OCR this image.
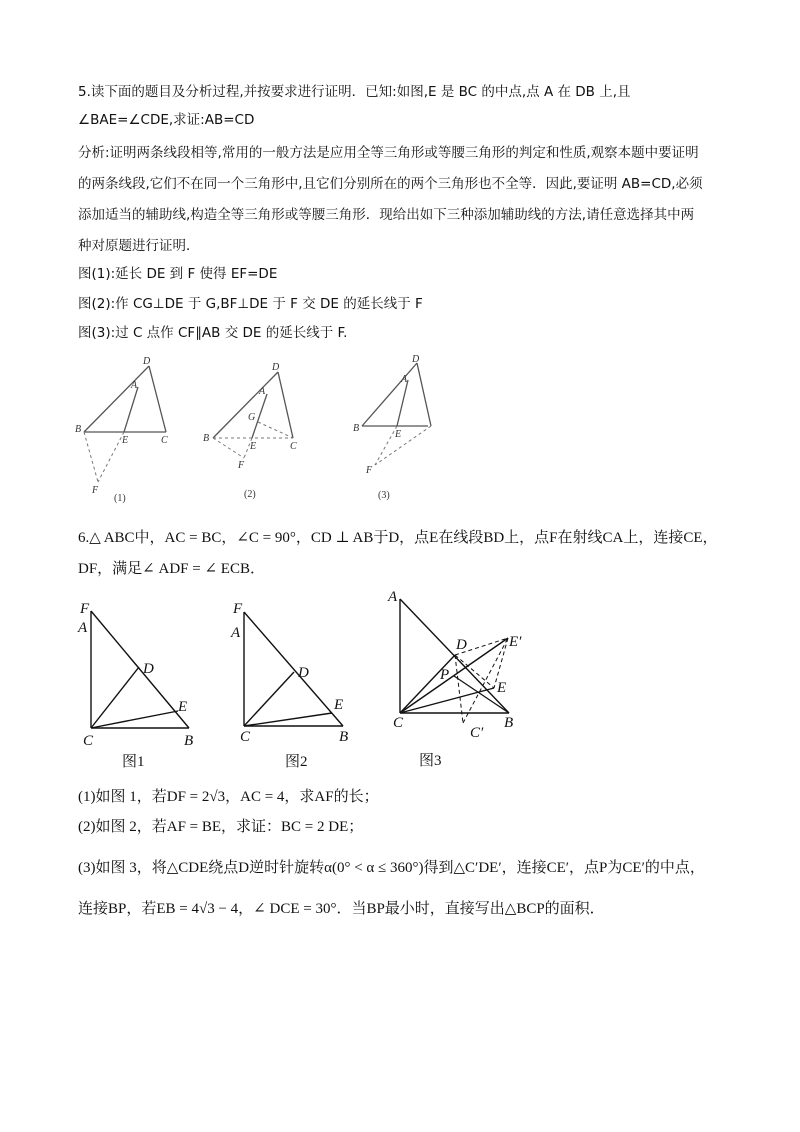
5.读下面的题目及分析过程,并按要求进行证明．已知:如图,E 是 BC 的中点,点 A 在 DB 上,且
∠BAE=∠CDE,求证:AB=CD
分析:证明两条线段相等,常用的一般方法是应用全等三角形或等腰三角形的判定和性质,观察本题中要证明
的两条线段,它们不在同一个三角形中,且它们分别所在的两个三角形也不全等．因此,要证明 AB=CD,必须
添加适当的辅助线,构造全等三角形或等腰三角形．现给出如下三种添加辅助线的方法,请任意选择其中两
种对原题进行证明．
图(1):延长 DE 到 F 使得 EF=DE
图(2):作 CG⊥DE 于 G,BF⊥DE 于 F 交 DE 的延长线于 F
图(3):过 C 点作 CF∥AB 交 DE 的延长线于 F.
D
A
B
E	C
F
(1)
D
A
G
B
E	C
F
(2)
D
A
B
E
F
(3)
6.△ ABC中，AC = BC，∠C = 90°，CD ⊥ AB于D，点E在线段BD上，点F在射线CA上，连接CE，
DF，满足∠ ADF = ∠ ECB．
F
A
D
E
C	B
图1
F
A
D
E
C	B
图2
A
D	E′
P
E
C	B
C′
图3
(1)如图 1，若DF = 2√3，AC = 4，求AF的长；
(2)如图 2，若AF = BE，求证：BC = 2 DE；
(3)如图 3，将△CDE绕点D逆时针旋转α(0° < α ≤ 360°)得到△C′DE′，连接CE′，点P为CE′的中点，
连接BP，若EB = 4√3 − 4，∠ DCE = 30°．当BP最小时，直接写出△BCP的面积．
